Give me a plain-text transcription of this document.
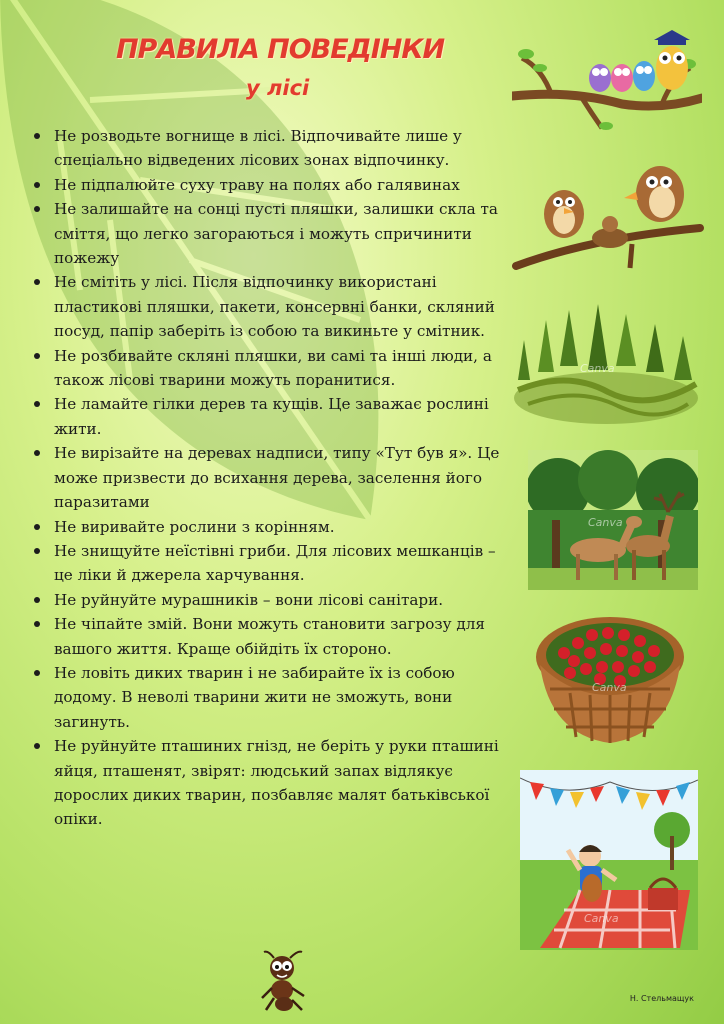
ПРАВИЛА ПОВЕДІНКИ
у лісі
Не розводьте вогнище в лісі. Відпочивайте лише у спеціально відведених лісових зонах відпочинку.
Не підпалюйте суху траву на полях або галявинах
Не залишайте на сонці пусті пляшки, залишки скла та сміття, що легко загораються і можуть спричинити пожежу
Не смітіть у лісі. Після відпочинку використані пластикові пляшки, пакети, консервні банки, скляний посуд, папір заберіть із собою та викиньте у смітник.
Не розбивайте скляні пляшки, ви самі та інші люди, а також лісові тварини можуть поранитися.
Не ламайте гілки дерев та кущів. Це заважає рослині жити.
Не вирізайте на деревах надписи, типу «Тут був я». Це може призвести до всихання дерева, заселення його паразитами
Не виривайте рослини з корінням.
Не знищуйте неїстівні гриби. Для лісових мешканців – це ліки й джерела харчування.
Не руйнуйте мурашників – вони лісові санітари.
Не чіпайте змій. Вони можуть становити загрозу для вашого життя. Краще обійдіть їх стороно.
Не ловіть диких тварин і не забирайте їх із собою додому. В неволі тварини жити не зможуть, вони загинуть.
Не руйнуйте пташиних гнізд, не беріть у руки пташині яйця, пташенят, звірят: людський запах відлякує дорослих диких тварин, позбавляє малят батьківської опіки.
Canva
Canva
Canva
Canva
Н. Стельмащук
